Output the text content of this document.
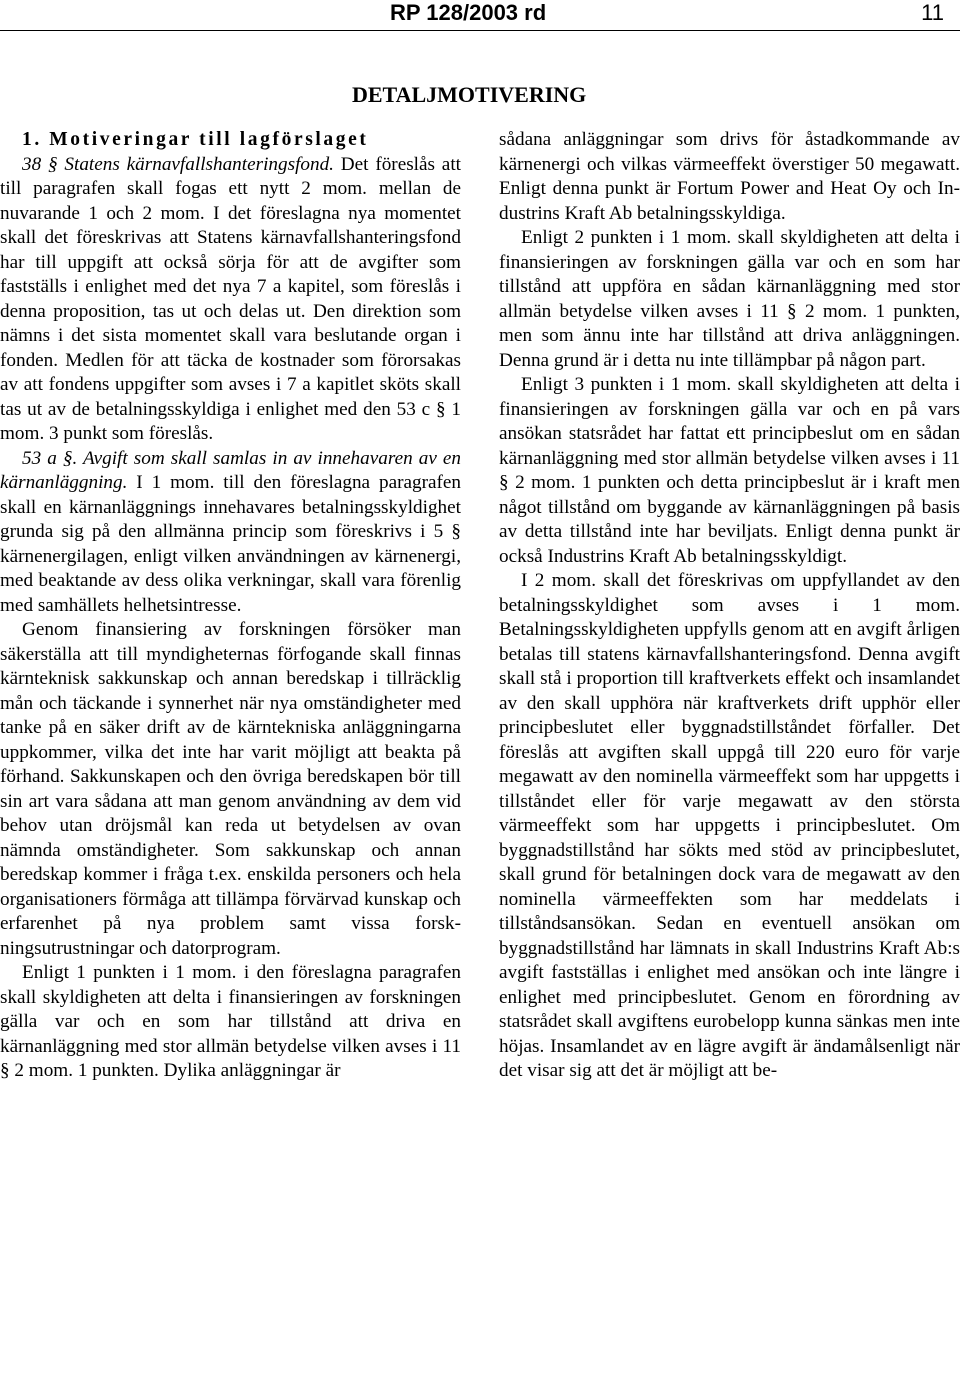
RP 128/2003 rd	11
DETALJMOTIVERING

1. Motiveringar till lagförslaget

38 § Statens kärnavfallshanteringsfond. Det föreslås att till paragrafen skall fogas ett nytt 2 mom. mellan de nuvarande 1 och 2 mom. I det föreslagna nya momentet skall det föreskrivas att Statens kärnavfallshanteringsfond har till uppgift att också sörja för att de avgifter som fastställs i enlighet med det nya 7 a kapitel, som föreslås i denna proposition, tas ut och delas ut. Den direktion som nämns i det sista momentet skall vara beslutande organ i fonden. Medlen för att täcka de kostnader som förorsakas av att fondens uppgifter som avses i 7 a kapitlet sköts skall tas ut av de betalningsskyldiga i enlighet med den 53 c § 1 mom. 3 punkt som föreslås.

53 a §. Avgift som skall samlas in av innehavaren av en kärnanläggning. I 1 mom. till den föreslagna paragrafen skall en kärnanläggnings innehavares betalningsskyldighet grunda sig på den allmänna princip som föreskrivs i 5 § kärnenergilagen, enligt vilken användningen av kärnenergi, med beaktande av dess olika verkningar, skall vara förenlig med samhällets helhetsintresse.

Genom finansiering av forskningen försöker man säkerställa att till myndigheternas förfogande skall finnas kärnteknisk sakkunskap och annan beredskap i tillräcklig mån och täckande i synnerhet när nya omständigheter med tanke på en säker drift av de kärntekniska anläggningarna uppkommer, vilka det inte har varit möjligt att beakta på förhand. Sakkunskapen och den övriga beredskapen bör till sin art vara sådana att man genom användning av dem vid behov utan dröjsmål kan reda ut betydelsen av ovan nämnda omständigheter. Som sakkunskap och annan beredskap kommer i fråga t.ex. enskilda personers och hela organisationers förmåga att tillämpa förvärvad kunskap och erfarenhet på nya problem samt vissa forskningsutrustningar och datorprogram.

Enligt 1 punkten i 1 mom. i den föreslagna paragrafen skall skyldigheten att delta i finansieringen av forskningen gälla var och en som har tillstånd att driva en kärnanläggning med stor allmän betydelse vilken avses i 11 § 2 mom. 1 punkten. Dylika anläggningar är

sådana anläggningar som drivs för åstadkommande av kärnenergi och vilkas värmeeffekt överstiger 50 megawatt. Enligt denna punkt är Fortum Power and Heat Oy och Industrins Kraft Ab betalningsskyldiga.

Enligt 2 punkten i 1 mom. skall skyldigheten att delta i finansieringen av forskningen gälla var och en som har tillstånd att uppföra en sådan kärnanläggning med stor allmän betydelse vilken avses i 11 § 2 mom. 1 punkten, men som ännu inte har tillstånd att driva anläggningen. Denna grund är i detta nu inte tillämpbar på någon part.

Enligt 3 punkten i 1 mom. skall skyldigheten att delta i finansieringen av forskningen gälla var och en på vars ansökan statsrådet har fattat ett principbeslut om en sådan kärnanläggning med stor allmän betydelse vilken avses i 11 § 2 mom. 1 punkten och detta principbeslut är i kraft men något tillstånd om byggande av kärnanläggningen på basis av detta tillstånd inte har beviljats. Enligt denna punkt är också Industrins Kraft Ab betalningsskyldigt.

I 2 mom. skall det föreskrivas om uppfyllandet av den betalningsskyldighet som avses i 1 mom. Betalningsskyldigheten uppfylls genom att en avgift årligen betalas till statens kärnavfallshanteringsfond. Denna avgift skall stå i proportion till kraftverkets effekt och insamlandet av den skall upphöra när kraftverkets drift upphör eller principbeslutet eller byggnadstillståndet förfaller. Det föreslås att avgiften skall uppgå till 220 euro för varje megawatt av den nominella värmeeffekt som har uppgetts i tillståndet eller för varje megawatt av den största värmeeffekt som har uppgetts i principbeslutet. Om byggnadstillstånd har sökts med stöd av principbeslutet, skall grund för betalningen dock vara de megawatt av den nominella värmeeffekten som har meddelats i tillståndsansökan. Sedan en eventuell ansökan om byggnadstillstånd har lämnats in skall Industrins Kraft Ab:s avgift fastställas i enlighet med ansökan och inte längre i enlighet med principbeslutet. Genom en förordning av statsrådet skall avgiftens eurobelopp kunna sänkas men inte höjas. Insamlandet av en lägre avgift är ändamålsenligt när det visar sig att det är möjligt att be-
